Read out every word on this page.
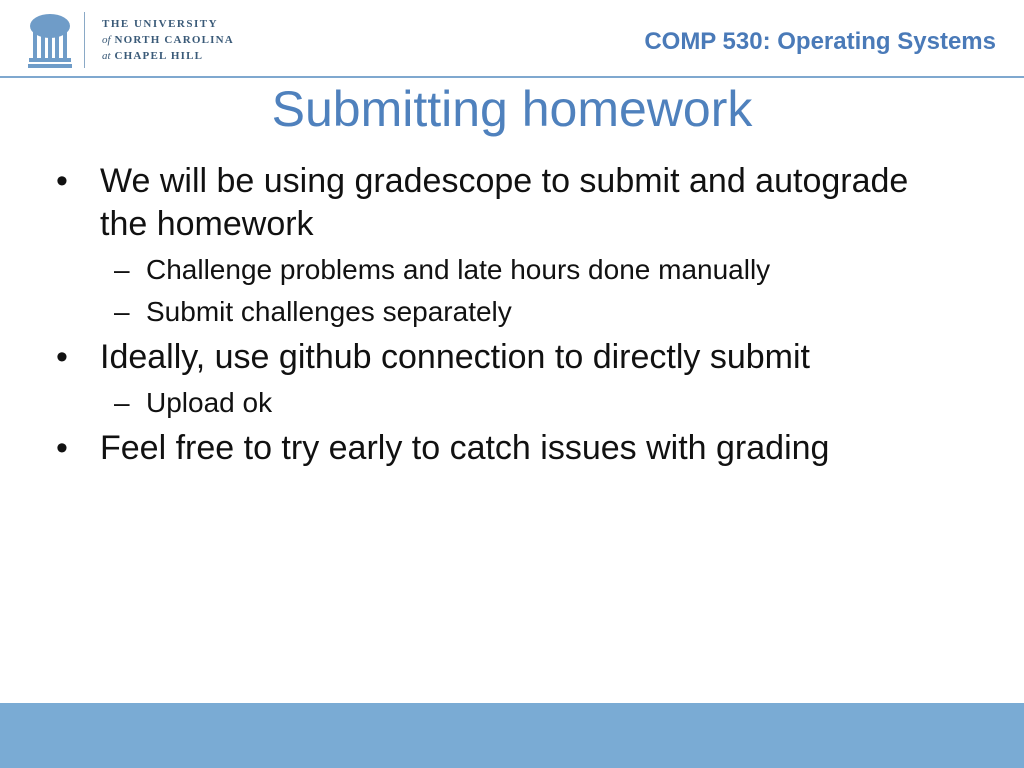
THE UNIVERSITY
of NORTH CAROLINA
at CHAPEL HILL
COMP 530: Operating Systems
Submitting homework
• We will be using gradescope to submit and autograde the homework
– Challenge problems and late hours done manually
– Submit challenges separately
• Ideally, use github connection to directly submit
– Upload ok
• Feel free to try early to catch issues with grading
